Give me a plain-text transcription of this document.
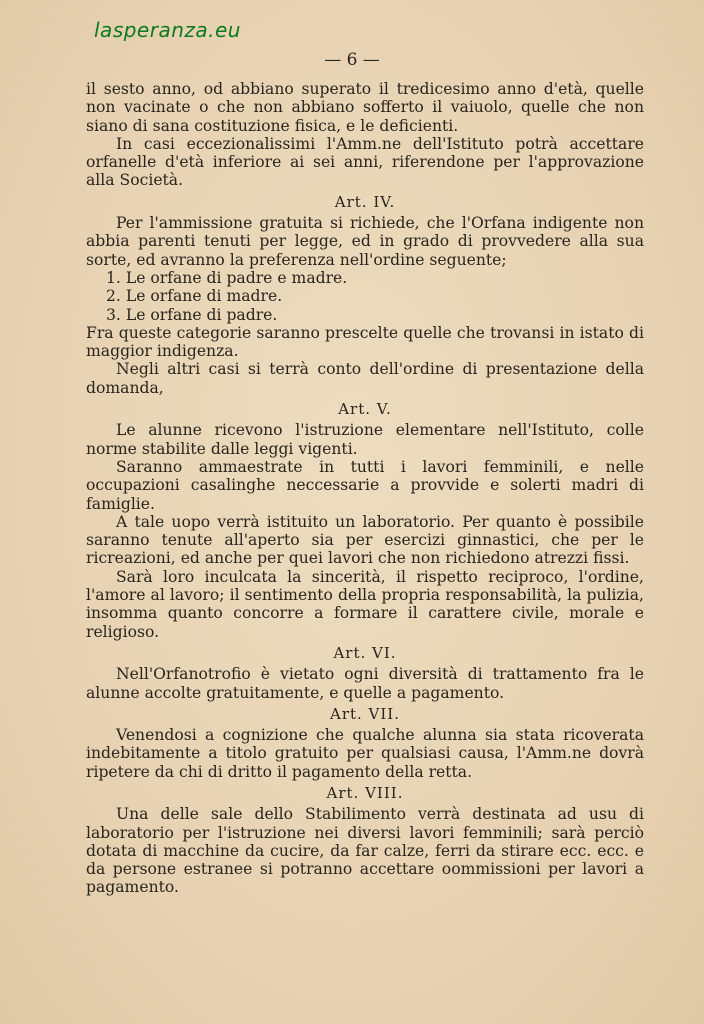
lasperanza.eu
— 6 —

il sesto anno, od abbiano superato il tredicesimo anno d'età, quelle non vacinate o che non abbiano sofferto il vaiuolo, quelle che non siano di sana costituzione fisica, e le deficienti.

In casi eccezionalissimi l'Amm.ne dell'Istituto potrà accettare orfanelle d'età inferiore ai sei anni, riferendone per l'approvazione alla Società.

Art. IV.

Per l'ammissione gratuita si richiede, che l'Orfana indigente non abbia parenti tenuti per legge, ed in grado di provvedere alla sua sorte, ed avranno la preferenza nell'ordine seguente;

1. Le orfane di padre e madre.
2. Le orfane di madre.
3. Le orfane di padre.

Fra queste categorie saranno prescelte quelle che trovansi in istato di maggior indigenza.

Negli altri casi si terrà conto dell'ordine di presentazione della domanda,

Art. V.

Le alunne ricevono l'istruzione elementare nell'Istituto, colle norme stabilite dalle leggi vigenti.

Saranno ammaestrate in tutti i lavori femminili, e nelle occupazioni casalinghe neccessarie a provvide e solerti madri di famiglie.

A tale uopo verrà istituito un laboratorio. Per quanto è possibile saranno tenute all'aperto sia per esercizi ginnastici, che per le ricreazioni, ed anche per quei lavori che non richiedono atrezzi fissi.

Sarà loro inculcata la sincerità, il rispetto reciproco, l'ordine, l'amore al lavoro; il sentimento della propria responsabilità, la pulizia, insomma quanto concorre a formare il carattere civile, morale e religioso.

Art. VI.

Nell'Orfanotrofio è vietato ogni diversità di trattamento fra le alunne accolte gratuitamente, e quelle a pagamento.

Art. VII.

Venendosi a cognizione che qualche alunna sia stata ricoverata indebitamente a titolo gratuito per qualsiasi causa, l'Amm.ne dovrà ripetere da chi di dritto il pagamento della retta.

Art. VIII.

Una delle sale dello Stabilimento verrà destinata ad usu di laboratorio per l'istruzione nei diversi lavori femminili; sarà perciò dotata di macchine da cucire, da far calze, ferri da stirare ecc. ecc. e da persone estranee si potranno accettare oommissioni per lavori a pagamento.
